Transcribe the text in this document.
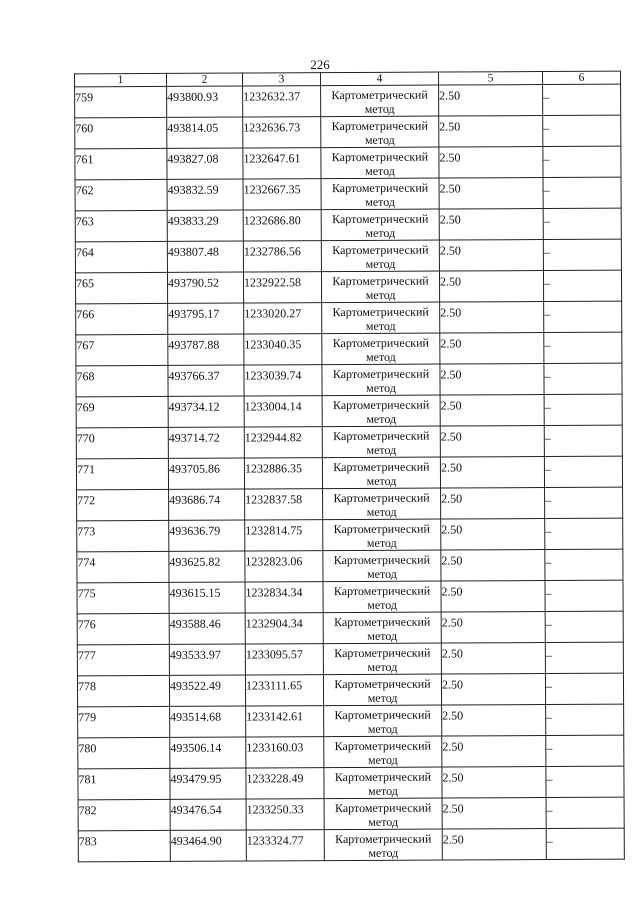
226
1	2	3	4	5	6

759	493800.93	1232632.37	Картометрический
метод	2.50	–

760	493814.05	1232636.73	Картометрический
метод	2.50	–

761	493827.08	1232647.61	Картометрический
метод	2.50	–

762	493832.59	1232667.35	Картометрический
метод	2.50	–

763	493833.29	1232686.80	Картометрический
метод	2.50	–

764	493807.48	1232786.56	Картометрический
метод	2.50	–

765	493790.52	1232922.58	Картометрический
метод	2.50	–

766	493795.17	1233020.27	Картометрический
метод	2.50	–

767	493787.88	1233040.35	Картометрический
метод	2.50	–

768	493766.37	1233039.74	Картометрический
метод	2.50	–

769	493734.12	1233004.14	Картометрический
метод	2.50	–

770	493714.72	1232944.82	Картометрический
метод	2.50	–

771	493705.86	1232886.35	Картометрический
метод	2.50	–

772	493686.74	1232837.58	Картометрический
метод	2.50	–

773	493636.79	1232814.75	Картометрический
метод	2.50	–

774	493625.82	1232823.06	Картометрический
метод	2.50	–

775	493615.15	1232834.34	Картометрический
метод	2.50	–

776	493588.46	1232904.34	Картометрический
метод	2.50	–

777	493533.97	1233095.57	Картометрический
метод	2.50	–

778	493522.49	1233111.65	Картометрический
метод	2.50	–

779	493514.68	1233142.61	Картометрический
метод	2.50	–

780	493506.14	1233160.03	Картометрический
метод	2.50	–

781	493479.95	1233228.49	Картометрический
метод	2.50	–

782	493476.54	1233250.33	Картометрический
метод	2.50	–

783	493464.90	1233324.77	Картометрический
метод	2.50	–
